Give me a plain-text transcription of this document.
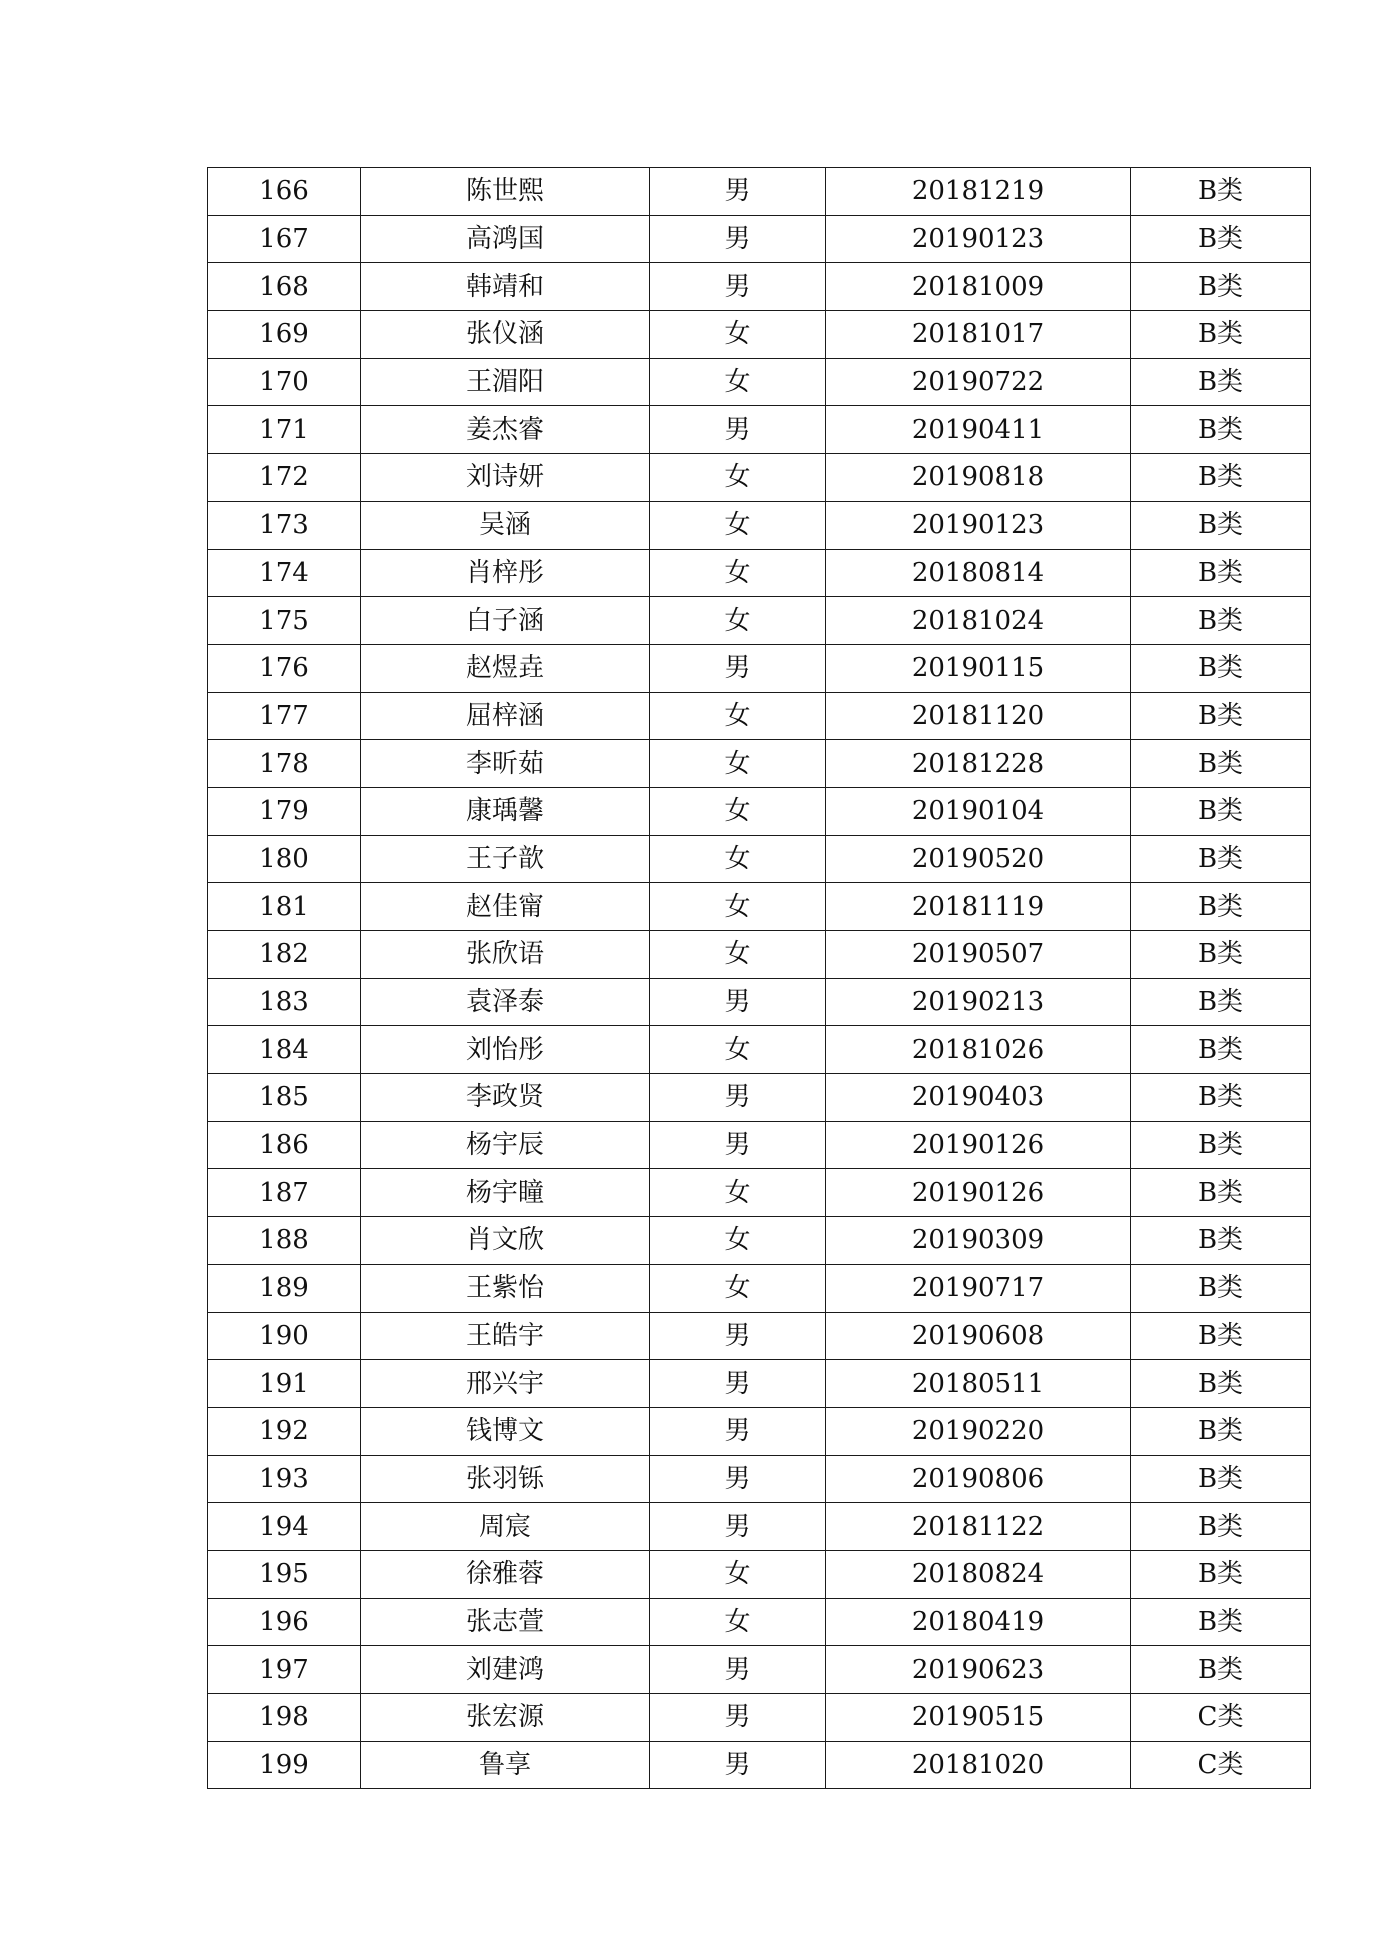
166	陈世熙	男	20181219	B类
167	高鸿国	男	20190123	B类
168	韩靖和	男	20181009	B类
169	张仪涵	女	20181017	B类
170	王湄阳	女	20190722	B类
171	姜杰睿	男	20190411	B类
172	刘诗妍	女	20190818	B类
173	吴涵	女	20190123	B类
174	肖梓彤	女	20180814	B类
175	白子涵	女	20181024	B类
176	赵煜垚	男	20190115	B类
177	屈梓涵	女	20181120	B类
178	李昕茹	女	20181228	B类
179	康瑀馨	女	20190104	B类
180	王子歆	女	20190520	B类
181	赵佳甯	女	20181119	B类
182	张欣语	女	20190507	B类
183	袁泽泰	男	20190213	B类
184	刘怡彤	女	20181026	B类
185	李政贤	男	20190403	B类
186	杨宇辰	男	20190126	B类
187	杨宇瞳	女	20190126	B类
188	肖文欣	女	20190309	B类
189	王紫怡	女	20190717	B类
190	王皓宇	男	20190608	B类
191	邢兴宇	男	20180511	B类
192	钱博文	男	20190220	B类
193	张羽铄	男	20190806	B类
194	周宸	男	20181122	B类
195	徐雅蓉	女	20180824	B类
196	张志萱	女	20180419	B类
197	刘建鸿	男	20190623	B类
198	张宏源	男	20190515	C类
199	鲁享	男	20181020	C类
